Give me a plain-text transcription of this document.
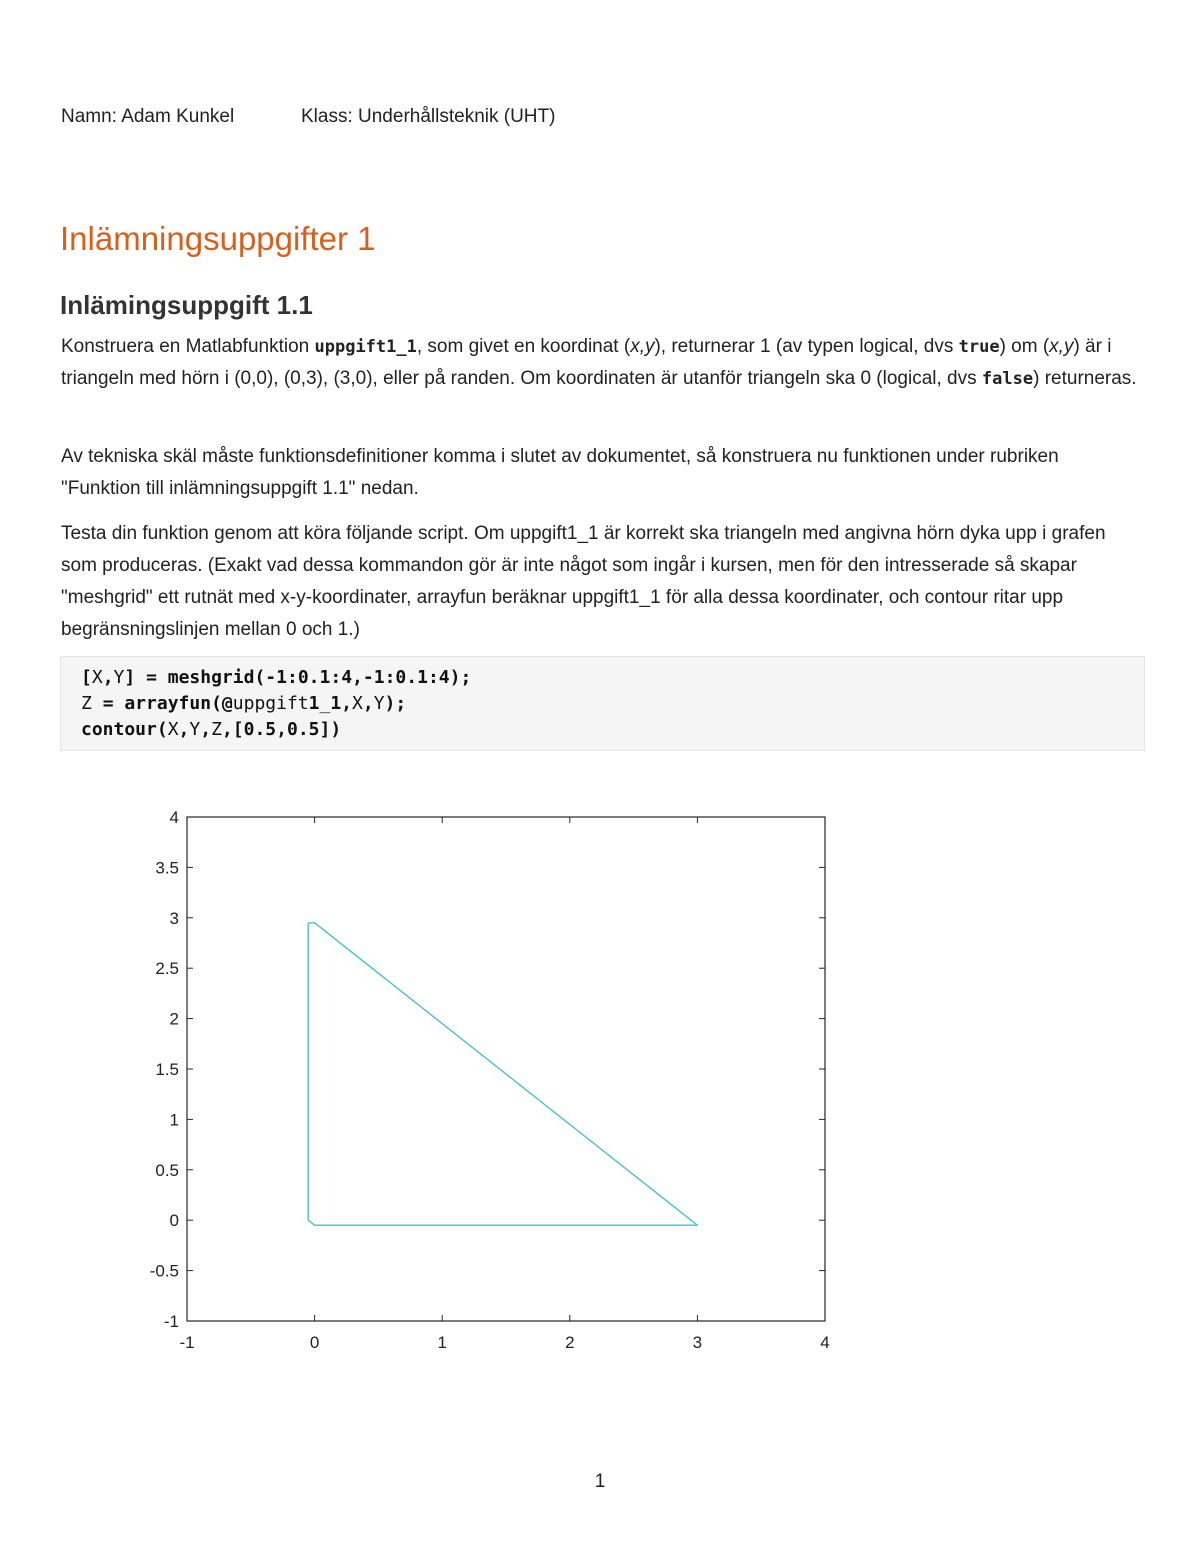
Namn: Adam Kunkel	Klass: Underhållsteknik (UHT)
Inlämningsuppgifter 1
Inlämingsuppgift 1.1

Konstruera en Matlabfunktion uppgift1_1, som givet en koordinat (x,y), returnerar 1 (av typen logical, dvs true) om (x,y) är i triangeln med hörn i (0,0), (0,3), (3,0), eller på randen. Om koordinaten är utanför triangeln ska 0 (logical, dvs false) returneras.

Av tekniska skäl måste funktionsdefinitioner komma i slutet av dokumentet, så konstruera nu funktionen under rubriken "Funktion till inlämningsuppgift 1.1" nedan.

Testa din funktion genom att köra följande script. Om uppgift1_1 är korrekt ska triangeln med angivna hörn dyka upp i grafen som produceras. (Exakt vad dessa kommandon gör är inte något som ingår i kursen, men för den intresserade så skapar "meshgrid" ett rutnät med x-y-koordinater, arrayfun beräknar uppgift1_1 för alla dessa koordinater, och contour ritar upp begränsningslinjen mellan 0 och 1.)

[X,Y] = meshgrid(-1:0.1:4,-1:0.1:4);
Z = arrayfun(@uppgift1_1,X,Y);
contour(X,Y,Z,[0.5,0.5])
-1	0	1	2	3	4
-1
-0.5
0
0.5
1
1.5
2
2.5
3
3.5
4
1
